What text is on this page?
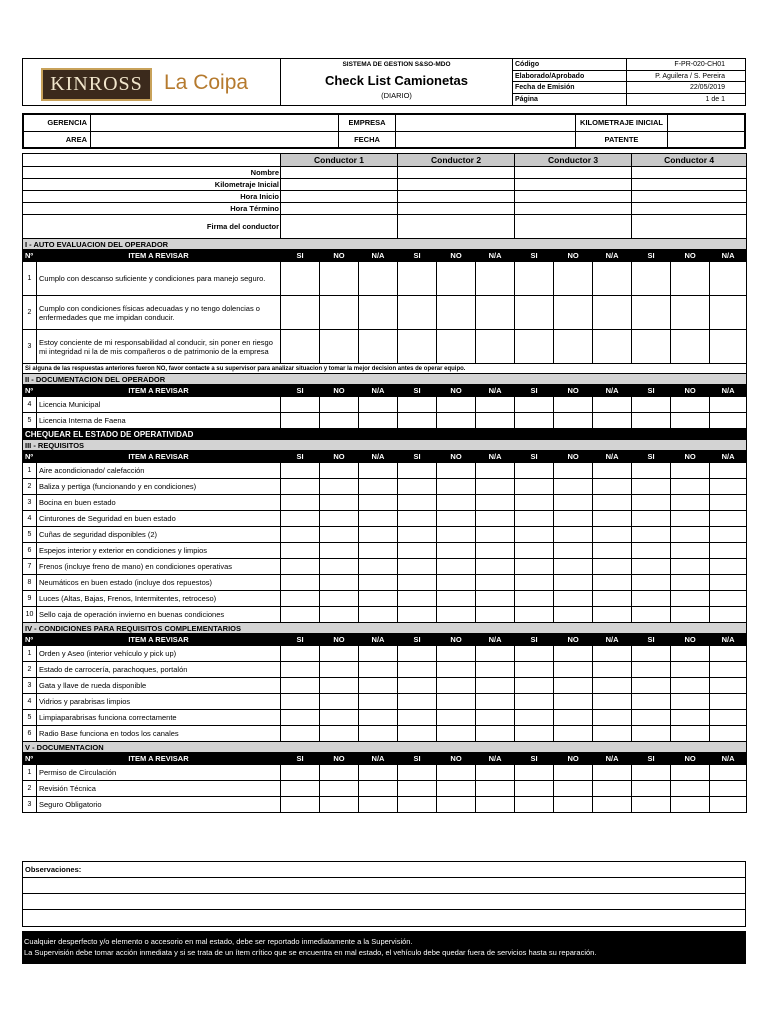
KINROSS La Coipa
SISTEMA DE GESTION S&SO-MDO
Check List Camionetas
(DIARIO)
Código	F-PR-020-CH01
Elaborado/Aprobado	P. Aguilera / S. Pereira
Fecha de Emisión	22/05/2019
Página	1 de 1
GERENCIA	EMPRESA	KILOMETRAJE INICIAL
AREA	FECHA	PATENTE
		Conductor 1			Conductor 2			Conductor 3			Conductor 4		
Nombre													
Kilometraje Inicial													
Hora Inicio													
Hora Término													
Firma del conductor													
I - AUTO EVALUACION DEL OPERADOR													
Nº	ITEM A REVISAR	SI	NO	N/A	SI	NO	N/A	SI	NO	N/A	SI	NO	N/A
1	Cumplo con descanso suficiente y condiciones para manejo seguro.												
2	Cumplo con condiciones físicas adecuadas y no tengo dolencias o enfermedades que me impidan conducir.												
3	Estoy conciente de mi responsabilidad al conducir, sin poner en riesgo mi integridad ni la de mis compañeros o de patrimonio de la empresa												
Si alguna de las respuestas anteriores fueron NO, favor contacte a su supervisor para analizar situacion y tomar la mejor decision antes de operar equipo.													
II - DOCUMENTACION DEL OPERADOR													
Nº	ITEM A REVISAR	SI	NO	N/A	SI	NO	N/A	SI	NO	N/A	SI	NO	N/A
4	Licencia Municipal												
5	Licencia Interna de Faena												
CHEQUEAR EL ESTADO DE OPERATIVIDAD													
III - REQUISITOS													
Nº	ITEM A REVISAR	SI	NO	N/A	SI	NO	N/A	SI	NO	N/A	SI	NO	N/A
1	Aire acondicionado/ calefacción												
2	Baliza y pertiga (funcionando y en condiciones)												
3	Bocina en buen estado												
4	Cinturones de Seguridad en buen estado												
5	Cuñas de seguridad disponibles (2)												
6	Espejos interior y exterior en condiciones y limpios												
7	Frenos (incluye freno de mano) en condiciones operativas												
8	Neumáticos en buen estado (incluye dos repuestos)												
9	Luces (Altas, Bajas, Frenos, Intermitentes, retroceso)												
10	Sello caja de operación invierno en buenas condiciones												
IV - CONDICIONES PARA REQUISITOS COMPLEMENTARIOS													
Nº	ITEM A REVISAR	SI	NO	N/A	SI	NO	N/A	SI	NO	N/A	SI	NO	N/A
1	Orden y Aseo (interior vehículo y pick up)												
2	Estado de carrocería, parachoques, portalón												
3	Gata y llave de rueda disponible												
4	Vidrios y parabrisas limpios												
5	Limpiaparabrisas funciona correctamente												
6	Radio Base funciona en todos los canales												
V - DOCUMENTACION													
Nº	ITEM A REVISAR	SI	NO	N/A	SI	NO	N/A	SI	NO	N/A	SI	NO	N/A
1	Permiso de Circulación												
2	Revisión Técnica												
3	Seguro Obligatorio												
Observaciones:
Cualquier desperfecto y/o elemento o accesorio en mal estado, debe ser reportado inmediatamente a la Supervisión.
La Supervisión debe tomar acción inmediata y si se trata de un ítem crítico que se encuentra en mal estado, el vehículo debe quedar fuera de servicios hasta su reparación.
